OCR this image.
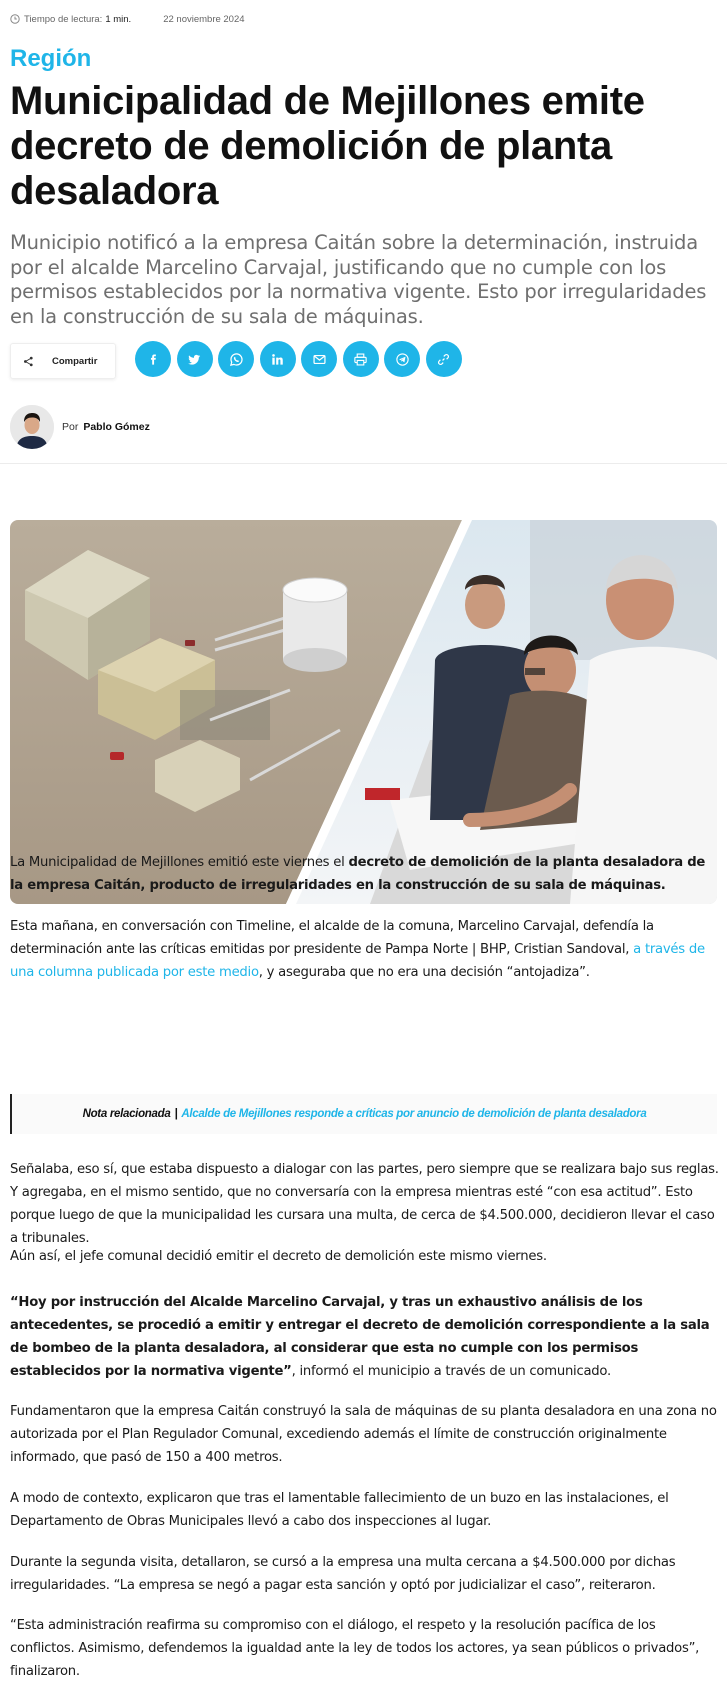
Tiempo de lectura: 1 min.	22 noviembre 2024
Región
Municipalidad de Mejillones emite decreto de demolición de planta desaladora

Municipio notificó a la empresa Caitán sobre la determinación, instruida por el alcalde Marcelino Carvajal, justificando que no cumple con los permisos establecidos por la normativa vigente. Esto por irregularidades en la construcción de su sala de máquinas.

Compartir
Por Pablo Gómez

La Municipalidad de Mejillones emitió este viernes el decreto de demolición de la planta desaladora de la empresa Caitán, producto de irregularidades en la construcción de su sala de máquinas.

Esta mañana, en conversación con Timeline, el alcalde de la comuna, Marcelino Carvajal, defendía la determinación ante las críticas emitidas por presidente de Pampa Norte | BHP, Cristian Sandoval, a través de una columna publicada por este medio, y aseguraba que no era una decisión “antojadiza”.

Nota relacionada | Alcalde de Mejillones responde a críticas por anuncio de demolición de planta desaladora

Señalaba, eso sí, que estaba dispuesto a dialogar con las partes, pero siempre que se realizara bajo sus reglas. Y agregaba, en el mismo sentido, que no conversaría con la empresa mientras esté “con esa actitud”. Esto porque luego de que la municipalidad les cursara una multa, de cerca de $4.500.000, decidieron llevar el caso a tribunales.

Aún así, el jefe comunal decidió emitir el decreto de demolición este mismo viernes.

“Hoy por instrucción del Alcalde Marcelino Carvajal, y tras un exhaustivo análisis de los antecedentes, se procedió a emitir y entregar el decreto de demolición correspondiente a la sala de bombeo de la planta desaladora, al considerar que esta no cumple con los permisos establecidos por la normativa vigente”, informó el municipio a través de un comunicado.

Fundamentaron que la empresa Caitán construyó la sala de máquinas de su planta desaladora en una zona no autorizada por el Plan Regulador Comunal, excediendo además el límite de construcción originalmente informado, que pasó de 150 a 400 metros.

A modo de contexto, explicaron que tras el lamentable fallecimiento de un buzo en las instalaciones, el Departamento de Obras Municipales llevó a cabo dos inspecciones al lugar.

Durante la segunda visita, detallaron, se cursó a la empresa una multa cercana a $4.500.000 por dichas irregularidades. “La empresa se negó a pagar esta sanción y optó por judicializar el caso”, reiteraron.

“Esta administración reafirma su compromiso con el diálogo, el respeto y la resolución pacífica de los conflictos. Asimismo, defendemos la igualdad ante la ley de todos los actores, ya sean públicos o privados”, finalizaron.
